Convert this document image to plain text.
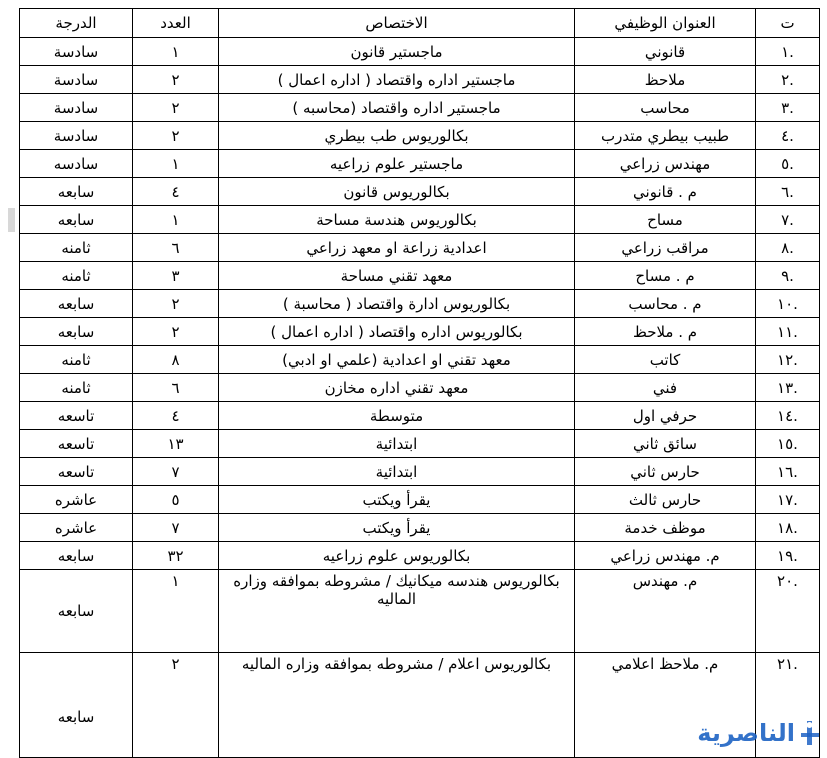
ت	العنوان الوظيفي	الاختصاص	العدد	الدرجة
.١	قانوني	ماجستير قانون	١	سادسة
.٢	ملاحظ	ماجستير اداره واقتصاد ( اداره اعمال )	٢	سادسة
.٣	محاسب	ماجستير اداره واقتصاد (محاسبه )	٢	سادسة
.٤	طبيب بيطري متدرب	بكالوريوس طب بيطري	٢	سادسة
.٥	مهندس زراعي	ماجستير علوم زراعيه	١	سادسه
.٦	م . قانوني	بكالوريوس قانون	٤	سابعه
.٧	مساح	بكالوريوس هندسة مساحة	١	سابعه
.٨	مراقب زراعي	اعدادية زراعة او معهد زراعي	٦	ثامنه
.٩	م . مساح	معهد تقني مساحة	٣	ثامنه
.١٠	م . محاسب	بكالوريوس ادارة واقتصاد ( محاسبة )	٢	سابعه
.١١	م . ملاحظ	بكالوريوس اداره واقتصاد ( اداره اعمال )	٢	سابعه
.١٢	كاتب	معهد تقني او اعدادية (علمي او ادبي)	٨	ثامنه
.١٣	فني	معهد تقني اداره مخازن	٦	ثامنه
.١٤	حرفي اول	متوسطة	٤	تاسعه
.١٥	سائق ثاني	ابتدائية	١٣	تاسعه
.١٦	حارس ثاني	ابتدائية	٧	تاسعه
.١٧	حارس ثالث	يقرأ ويكتب	٥	عاشره
.١٨	موظف خدمة	يقرأ ويكتب	٧	عاشره
.١٩	م. مهندس زراعي	بكالوريوس علوم زراعيه	٣٢	سابعه
.٢٠	م. مهندس	بكالوريوس هندسه ميكانيك / مشروطه بموافقه وزاره الماليه	١	سابعه
.٢١	م. ملاحظ اعلامي	بكالوريوس اعلام / مشروطه بموافقه وزاره الماليه	٢	سابعه
الناصرية
